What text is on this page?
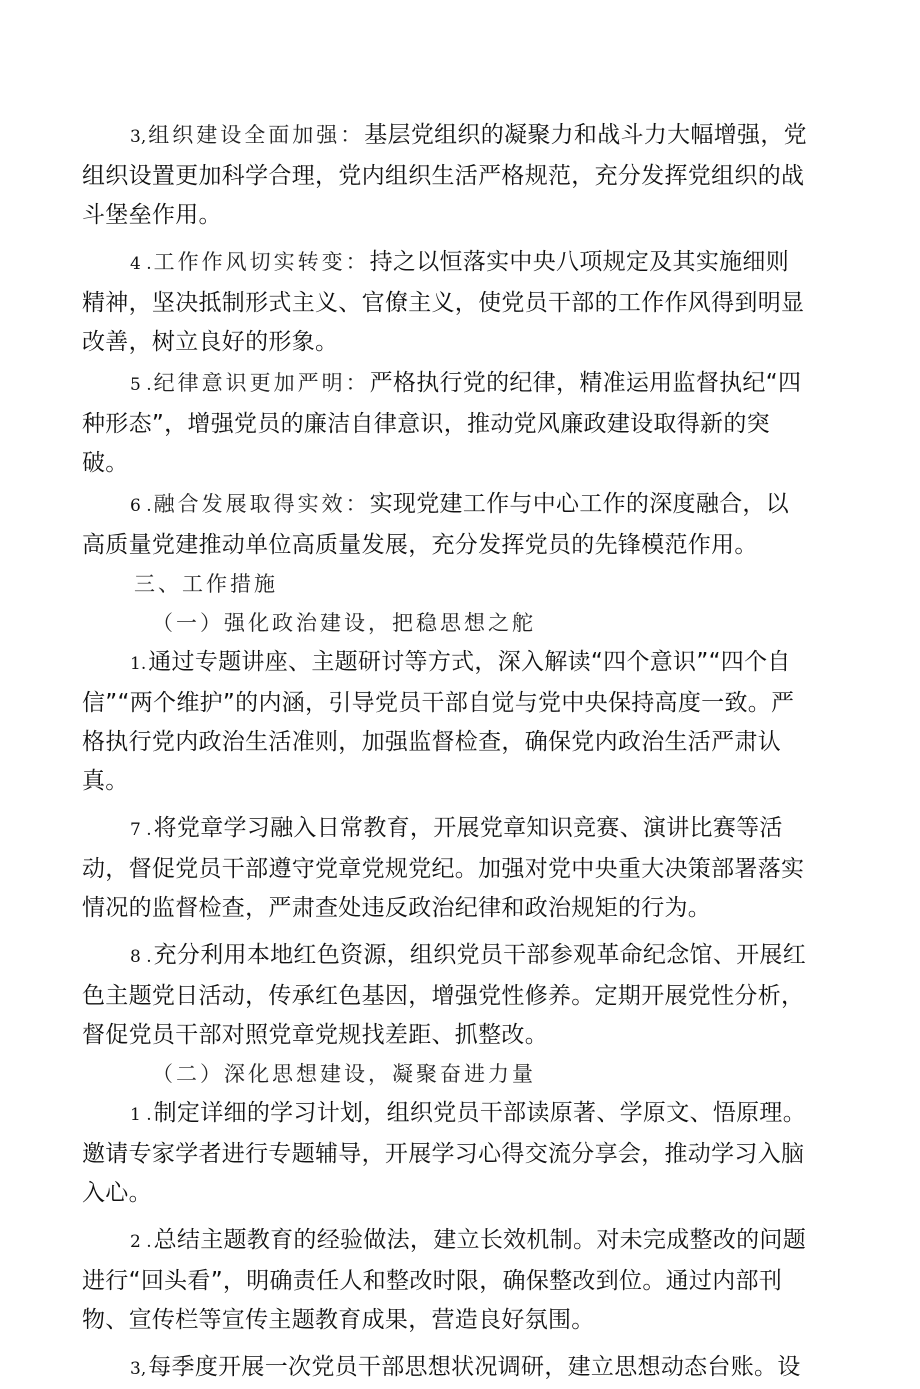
3,组织建设全面加强：基层党组织的凝聚力和战斗力大幅增强，党组织设置更加科学合理，党内组织生活严格规范，充分发挥党组织的战斗堡垒作用。

4 .工作作风切实转变：持之以恒落实中央八项规定及其实施细则精神，坚决抵制形式主义、官僚主义，使党员干部的工作作风得到明显改善，树立良好的形象。

5 .纪律意识更加严明：严格执行党的纪律，精准运用监督执纪“四种形态”，增强党员的廉洁自律意识，推动党风廉政建设取得新的突破。

6 .融合发展取得实效：实现党建工作与中心工作的深度融合，以高质量党建推动单位高质量发展，充分发挥党员的先锋模范作用。

三、工作措施

（一）强化政治建设，把稳思想之舵

1.通过专题讲座、主题研讨等方式，深入解读“四个意识”“四个自信”“两个维护”的内涵，引导党员干部自觉与党中央保持高度一致。严格执行党内政治生活准则，加强监督检查，确保党内政治生活严肃认真。

7 .将党章学习融入日常教育，开展党章知识竞赛、演讲比赛等活动，督促党员干部遵守党章党规党纪。加强对党中央重大决策部署落实情况的监督检查，严肃查处违反政治纪律和政治规矩的行为。

8 .充分利用本地红色资源，组织党员干部参观革命纪念馆、开展红色主题党日活动，传承红色基因，增强党性修养。定期开展党性分析，督促党员干部对照党章党规找差距、抓整改。

（二）深化思想建设，凝聚奋进力量

1 .制定详细的学习计划，组织党员干部读原著、学原文、悟原理。邀请专家学者进行专题辅导，开展学习心得交流分享会，推动学习入脑入心。

2 .总结主题教育的经验做法，建立长效机制。对未完成整改的问题进行“回头看”，明确责任人和整改时限，确保整改到位。通过内部刊物、宣传栏等宣传主题教育成果，营造良好氛围。

3,每季度开展一次党员干部思想状况调研，建立思想动态台账。设
